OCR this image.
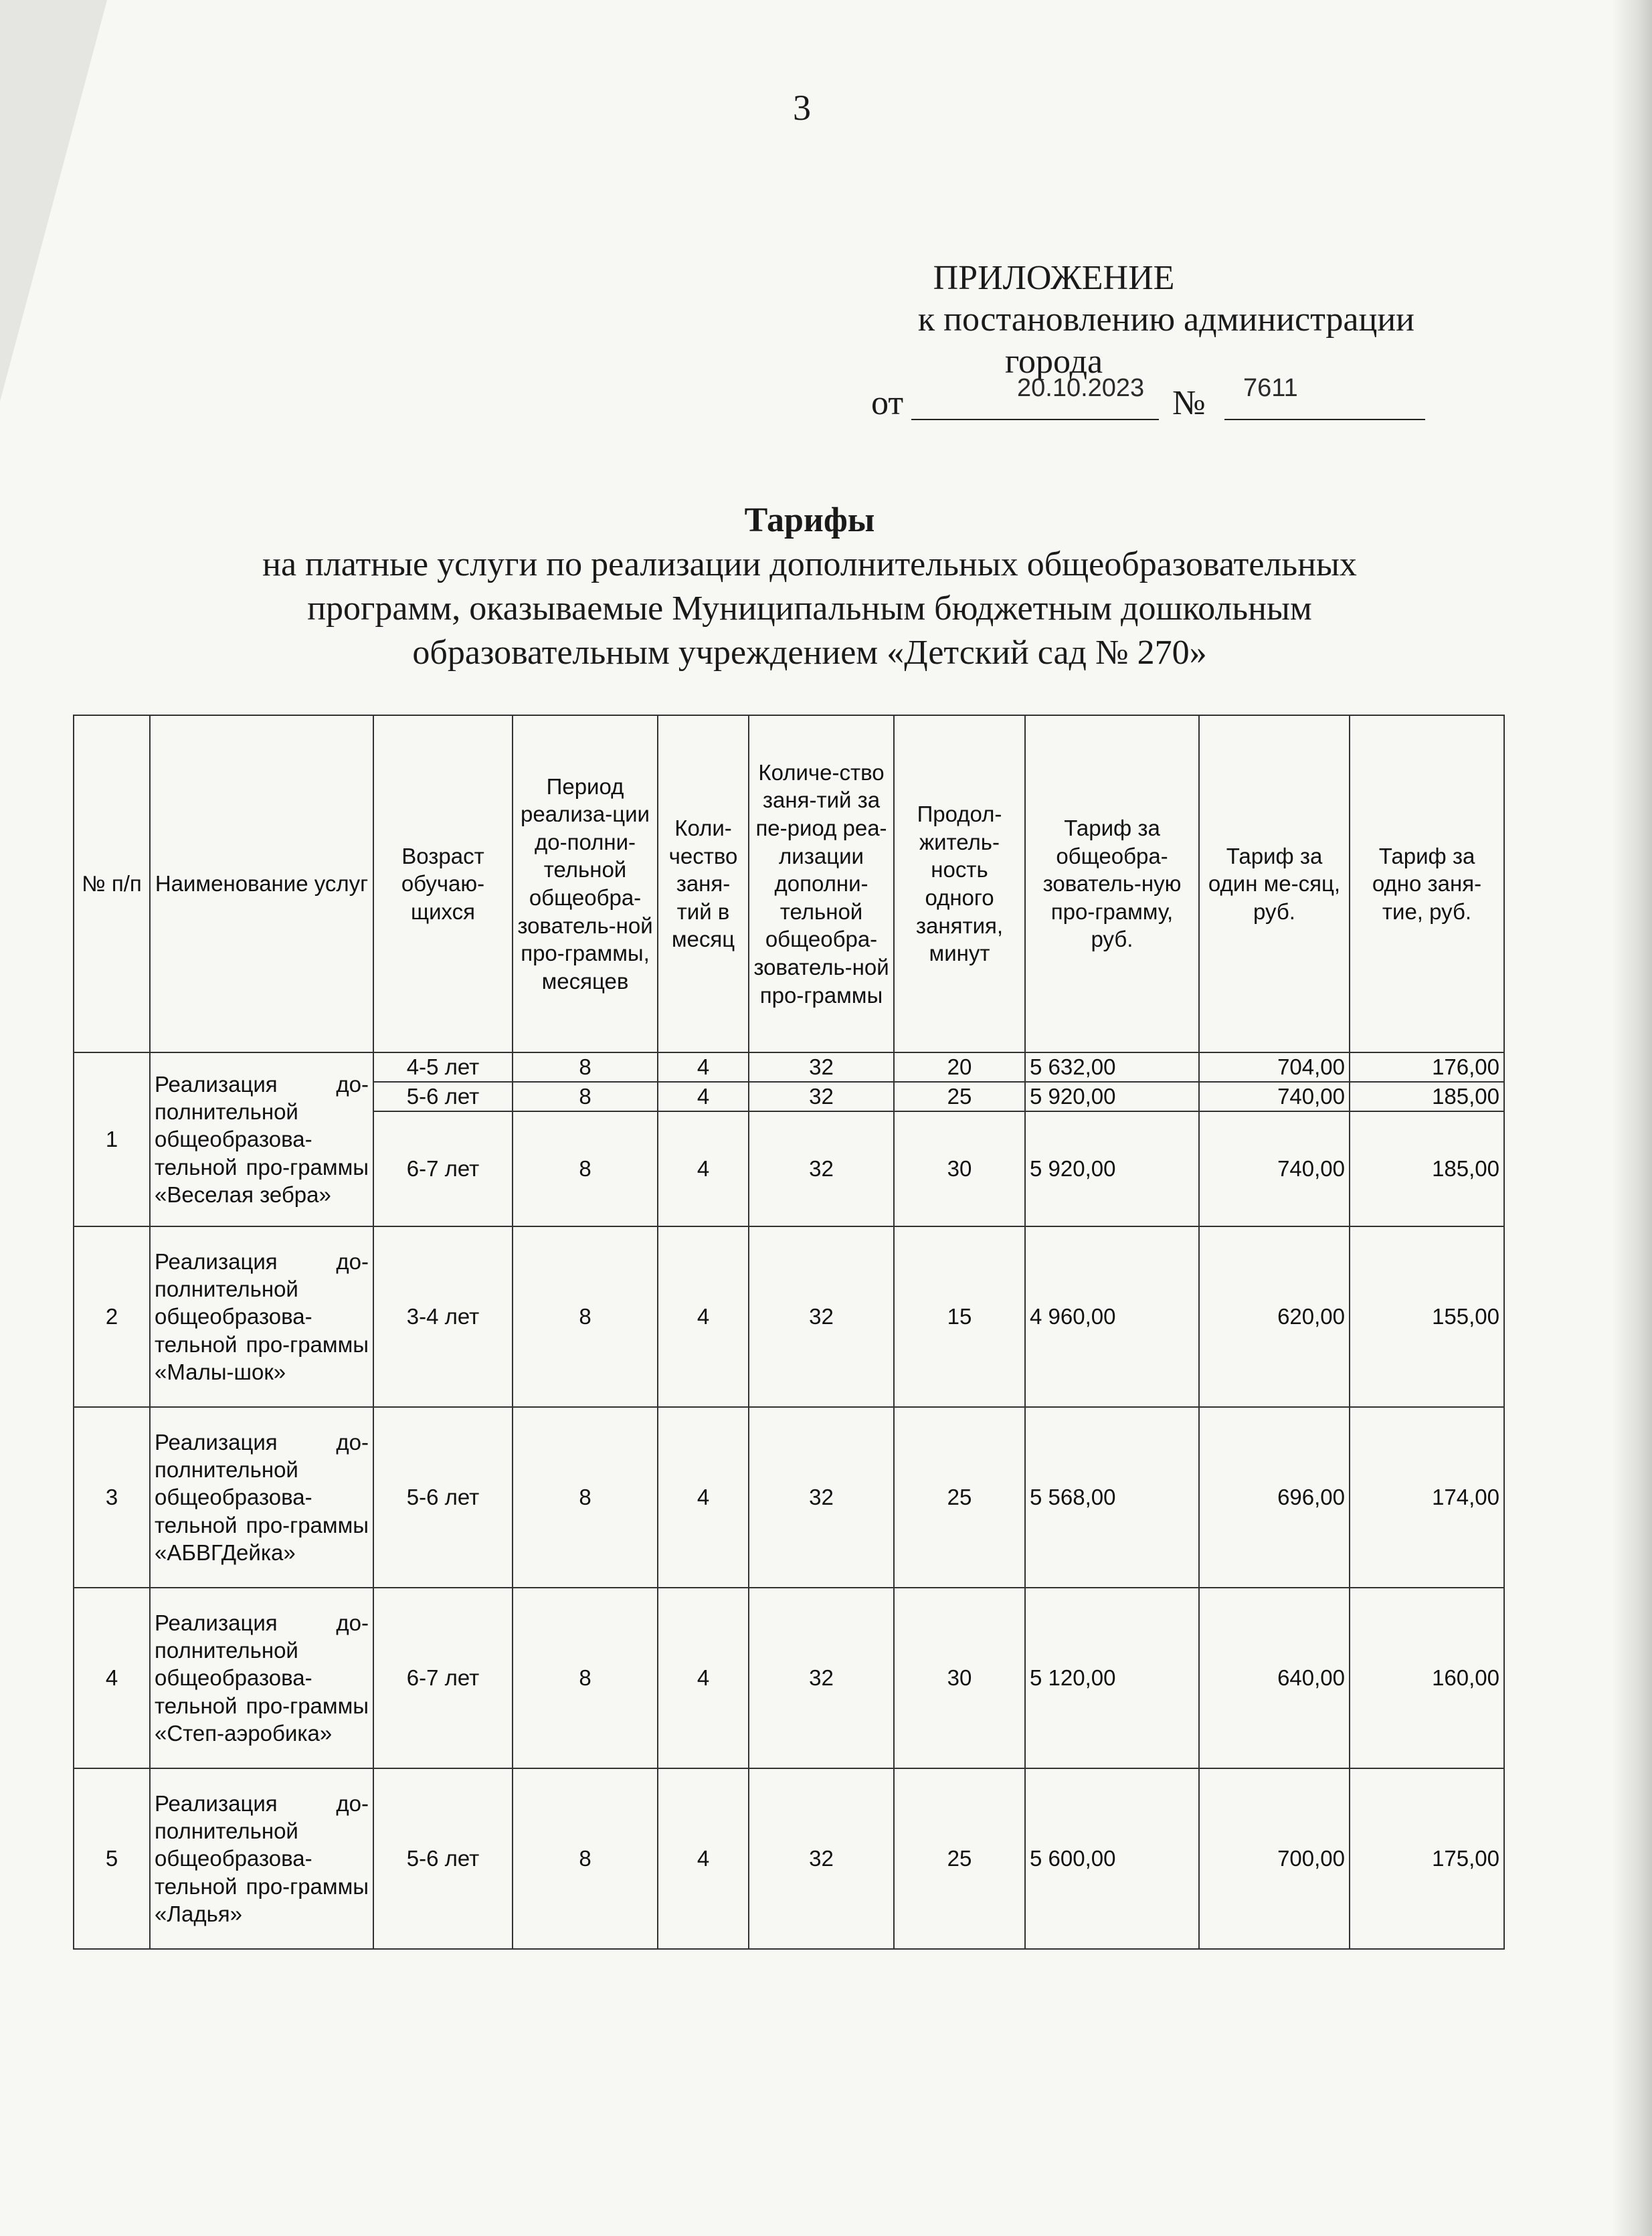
3
ПРИЛОЖЕНИЕ
к постановлению администрации
города
от	20.10.2023 № 7611
Тарифы
на платные услуги по реализации дополнительных общеобразовательных
программ, оказываемые Муниципальным бюджетным дошкольным
образовательным учреждением «Детский сад № 270»
№ п/п	Наименование услуг	Возраст обучаю-щихся	Период реализа-ции до-полни-тельной общеобра-зователь-ной про-граммы, месяцев	Коли-чество заня-тий в месяц	Количе-ство заня-тий за пе-риод реа-лизации дополни-тельной общеобра-зователь-ной про-граммы	Продол-житель-ность одного занятия, минут	Тариф за общеобра-зователь-ную про-грамму, руб.	Тариф за один ме-сяц, руб.	Тариф за одно заня-тие, руб.
1	Реализация до-полнительной общеобразова-тельной про-граммы «Веселая зебра»	4-5 лет	8	4	32	20	5 632,00	704,00	176,00
		5-6 лет	8	4	32	25	5 920,00	740,00	185,00
		6-7 лет	8	4	32	30	5 920,00	740,00	185,00
2	Реализация до-полнительной общеобразова-тельной про-граммы «Малы-шок»	3-4 лет	8	4	32	15	4 960,00	620,00	155,00
3	Реализация до-полнительной общеобразова-тельной про-граммы «АБВГДейка»	5-6 лет	8	4	32	25	5 568,00	696,00	174,00
4	Реализация до-полнительной общеобразова-тельной про-граммы «Степ-аэробика»	6-7 лет	8	4	32	30	5 120,00	640,00	160,00
5	Реализация до-полнительной общеобразова-тельной про-граммы «Ладья»	5-6 лет	8	4	32	25	5 600,00	700,00	175,00
